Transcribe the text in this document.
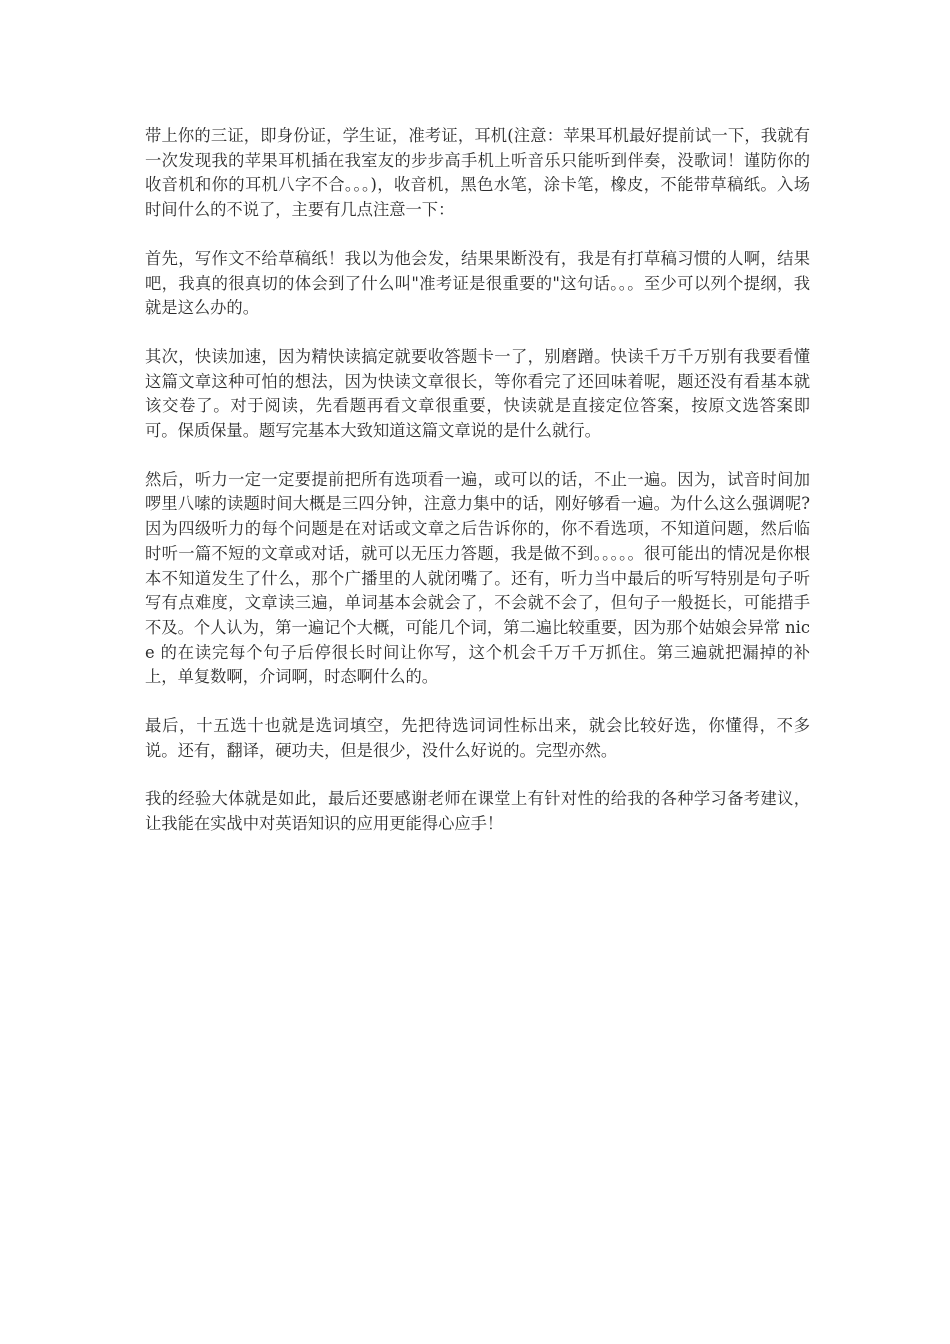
带上你的三证，即身份证，学生证，准考证，耳机(注意：苹果耳机最好提前试一下，我就有一次发现我的苹果耳机插在我室友的步步高手机上听音乐只能听到伴奏，没歌词！谨防你的收音机和你的耳机八字不合。。。)，收音机，黑色水笔，涂卡笔，橡皮，不能带草稿纸。入场时间什么的不说了，主要有几点注意一下：

首先，写作文不给草稿纸！我以为他会发，结果果断没有，我是有打草稿习惯的人啊，结果吧，我真的很真切的体会到了什么叫"准考证是很重要的"这句话。。。至少可以列个提纲，我就是这么办的。

其次，快读加速，因为精快读搞定就要收答题卡一了，别磨蹭。快读千万千万别有我要看懂这篇文章这种可怕的想法，因为快读文章很长，等你看完了还回味着呢，题还没有看基本就该交卷了。对于阅读，先看题再看文章很重要，快读就是直接定位答案，按原文选答案即可。保质保量。题写完基本大致知道这篇文章说的是什么就行。

然后，听力一定一定要提前把所有选项看一遍，或可以的话，不止一遍。因为，试音时间加啰里八嗦的读题时间大概是三四分钟，注意力集中的话，刚好够看一遍。为什么这么强调呢?因为四级听力的每个问题是在对话或文章之后告诉你的，你不看选项，不知道问题，然后临时听一篇不短的文章或对话，就可以无压力答题，我是做不到。。。。。很可能出的情况是你根本不知道发生了什么，那个广播里的人就闭嘴了。还有，听力当中最后的听写特别是句子听写有点难度，文章读三遍，单词基本会就会了，不会就不会了，但句子一般挺长，可能措手不及。个人认为，第一遍记个大概，可能几个词，第二遍比较重要，因为那个姑娘会异常 nice 的在读完每个句子后停很长时间让你写，这个机会千万千万抓住。第三遍就把漏掉的补上，单复数啊，介词啊，时态啊什么的。

最后，十五选十也就是选词填空，先把待选词词性标出来，就会比较好选，你懂得，不多说。还有，翻译，硬功夫，但是很少，没什么好说的。完型亦然。

我的经验大体就是如此，最后还要感谢老师在课堂上有针对性的给我的各种学习备考建议，让我能在实战中对英语知识的应用更能得心应手！
